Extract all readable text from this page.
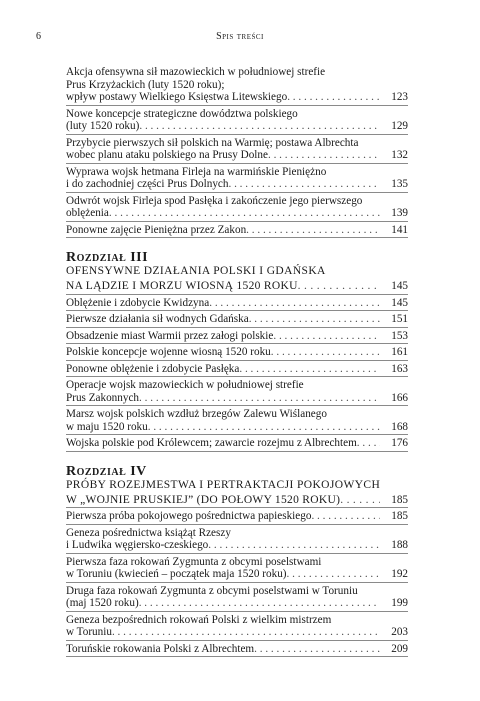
6	Spis treści
Akcja ofensywna sił mazowieckich w południowej strefie
Prus Krzyżackich (luty 1520 roku);
wpływ postawy Wielkiego Księstwa Litewskiego . . .	123
Nowe koncepcje strategiczne dowództwa polskiego
(luty 1520 roku) . . .	129
Przybycie pierwszych sił polskich na Warmię; postawa Albrechta
wobec planu ataku polskiego na Prusy Dolne . . .	132
Wyprawa wojsk hetmana Firleja na warmińskie Pieniężno
i do zachodniej części Prus Dolnych . . .	135
Odwrót wojsk Firleja spod Pasłęka i zakończenie jego pierwszego
oblężenia . . .	139
Ponowne zajęcie Pieniężna przez Zakon . . .	141
Rozdział III
OFENSYWNE DZIAŁANIA POLSKI I GDAŃSKA
NA LĄDZIE I MORZU WIOSNĄ 1520 ROKU . . .	145
Oblężenie i zdobycie Kwidzyna . . .	145
Pierwsze działania sił wodnych Gdańska . . .	151
Obsadzenie miast Warmii przez załogi polskie . . .	153
Polskie koncepcje wojenne wiosną 1520 roku . . .	161
Ponowne oblężenie i zdobycie Pasłęka . . .	163
Operacje wojsk mazowieckich w południowej strefie
Prus Zakonnych . . .	166
Marsz wojsk polskich wzdłuż brzegów Zalewu Wiślanego
w maju 1520 roku . . .	168
Wojska polskie pod Królewcem; zawarcie rozejmu z Albrechtem . . .	176
Rozdział IV
PRÓBY ROZEJMESTWA I PERTRAKTACJI POKOJOWYCH
W „WOJNIE PRUSKIEJ” (DO POŁOWY 1520 ROKU) . . .	185
Pierwsza próba pokojowego pośrednictwa papieskiego . . .	185
Geneza pośrednictwa książąt Rzeszy
i Ludwika węgiersko-czeskiego . . .	188
Pierwsza faza rokowań Zygmunta z obcymi poselstwami
w Toruniu (kwiecień – początek maja 1520 roku) . . .	192
Druga faza rokowań Zygmunta z obcymi poselstwami w Toruniu
(maj 1520 roku) . . .	199
Geneza bezpośrednich rokowań Polski z wielkim mistrzem
w Toruniu . . .	203
Toruńskie rokowania Polski z Albrechtem . . .	209
